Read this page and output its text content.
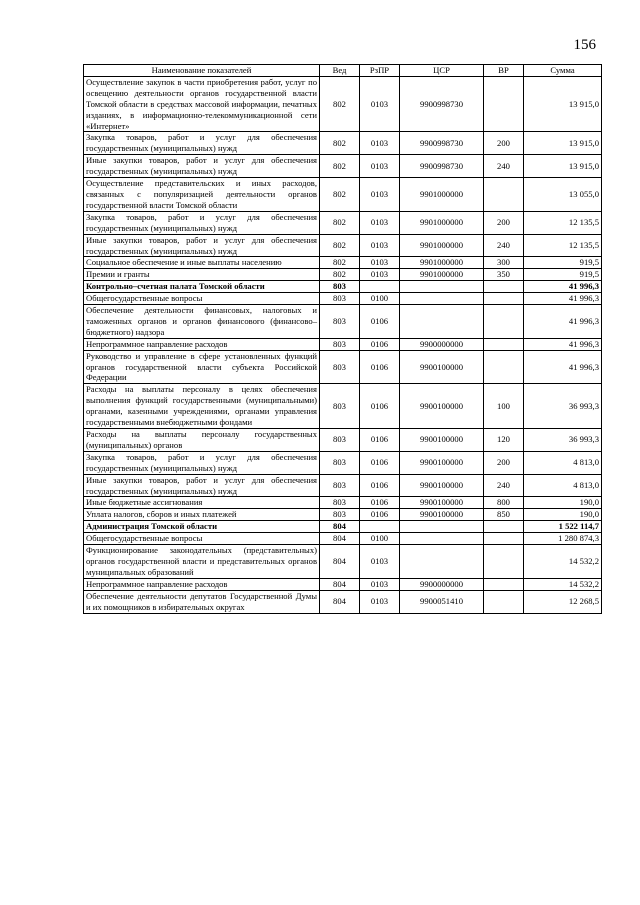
156
Наименование показателей	Вед	РзПР	ЦСР	ВР	Сумма
Осуществление закупок в части приобретения работ, услуг по освещению деятельности органов государственной власти Томской области в средствах массовой информации, печатных изданиях, в информационно-телекоммуникационной сети «Интернет»	802	0103	9900998730		13 915,0
Закупка товаров, работ и услуг для обеспечения государственных (муниципальных) нужд	802	0103	9900998730	200	13 915,0
Иные закупки товаров, работ и услуг для обеспечения государственных (муниципальных) нужд	802	0103	9900998730	240	13 915,0
Осуществление представительских и иных расходов, связанных с популяризацией деятельности органов государственной власти Томской области	802	0103	9901000000		13 055,0
Закупка товаров, работ и услуг для обеспечения государственных (муниципальных) нужд	802	0103	9901000000	200	12 135,5
Иные закупки товаров, работ и услуг для обеспечения государственных (муниципальных) нужд	802	0103	9901000000	240	12 135,5
Социальное обеспечение и иные выплаты населению	802	0103	9901000000	300	919,5
Премии и гранты	802	0103	9901000000	350	919,5
Контрольно–счетная палата Томской области	803				41 996,3
Общегосударственные вопросы	803	0100			41 996,3
Обеспечение деятельности финансовых, налоговых и таможенных органов и органов финансового (финансово–бюджетного) надзора	803	0106			41 996,3
Непрограммное направление расходов	803	0106	9900000000		41 996,3
Руководство и управление в сфере установленных функций органов государственной власти субъекта Российской Федерации	803	0106	9900100000		41 996,3
Расходы на выплаты персоналу в целях обеспечения выполнения функций государственными (муниципальными) органами, казенными учреждениями, органами управления государственными внебюджетными фондами	803	0106	9900100000	100	36 993,3
Расходы на выплаты персоналу государственных (муниципальных) органов	803	0106	9900100000	120	36 993,3
Закупка товаров, работ и услуг для обеспечения государственных (муниципальных) нужд	803	0106	9900100000	200	4 813,0
Иные закупки товаров, работ и услуг для обеспечения государственных (муниципальных) нужд	803	0106	9900100000	240	4 813,0
Иные бюджетные ассигнования	803	0106	9900100000	800	190,0
Уплата налогов, сборов и иных платежей	803	0106	9900100000	850	190,0
Администрация Томской области	804				1 522 114,7
Общегосударственные вопросы	804	0100			1 280 874,3
Функционирование законодательных (представительных) органов государственной власти и представительных органов муниципальных образований	804	0103			14 532,2
Непрограммное направление расходов	804	0103	9900000000		14 532,2
Обеспечение деятельности депутатов Государственной Думы и их помощников в избирательных округах	804	0103	9900051410		12 268,5
